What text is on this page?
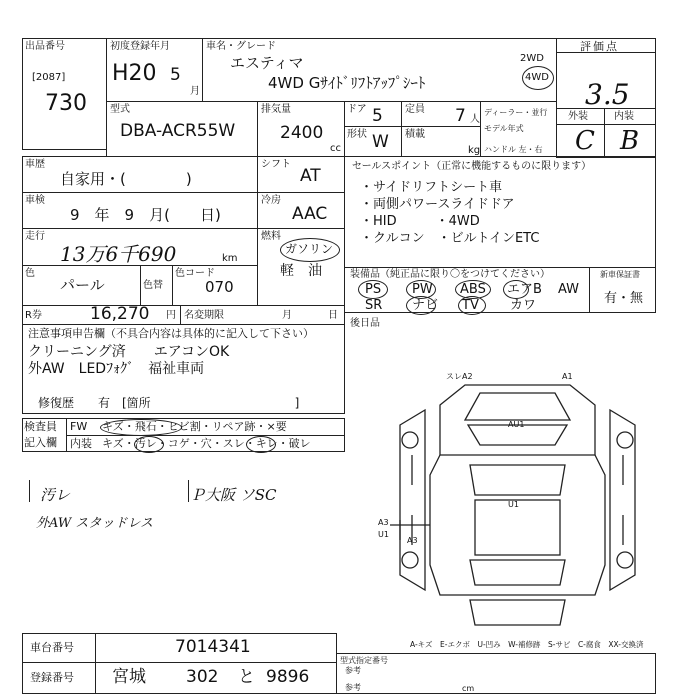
出品番号
[2087]
730
初度登録年月
H20 5
月
車名・グレード
エスティマ
4WD Gｻｲﾄﾞﾘﾌﾄｱｯﾌﾟｼｰﾄ
2WD
4WD
評価点
3.5
外装	内装
C B
型式
DBA-ACR55W
排気量
2400
cc
ドア 5
形状 W
定員 7 人
積載
kg
ディーラー・並行
モデル年式
ハンドル 左・右
車歴
自家用・(　　　　)
車検
9　年　9　月(　　日)
走行
13万6千690	km
色
パール	色替
色コード
070
シフト
AT
冷房
AAC
燃料
ガソリン
軽　油
R券	16,270 円 名変期限	月	日
セールスポイント（正常に機能するものに限ります）
・サイドリフトシート車
・両側パワースライドドア
・HID　　　・4WD
・クルコン　・ビルトインETC
装備品（純正品に限り〇をつけてください）
PS PW ABS エアB AW
SR ナビ TV カワ
新車保証書
有・無
後日品
注意事項申告欄（不具合内容は具体的に記入して下さい）
クリーニング済　　エアコンOK
外AW　LEDﾌｫｸﾞ　福祉車両
修復歴　　有　[箇所　　　　　　　　　　　　]
検査員
記入欄
FW キズ・飛石・ヒビ割・リペア跡・×要
内装 キズ・汚レ・コゲ・穴・スレ・キレ・破レ
汚レ
外AW スタッドレス
Ｐ大阪 ソSC
スレA2	A1
AU1
U1
A3
U1
A3
A-キズ　E-エクボ　U-凹み　W-補修跡　S-サビ　C-腐食　XX-交換済
車台番号	7014341
登録番号 宮城 302 と 9896
型式指定番号
参考
参考	cm
